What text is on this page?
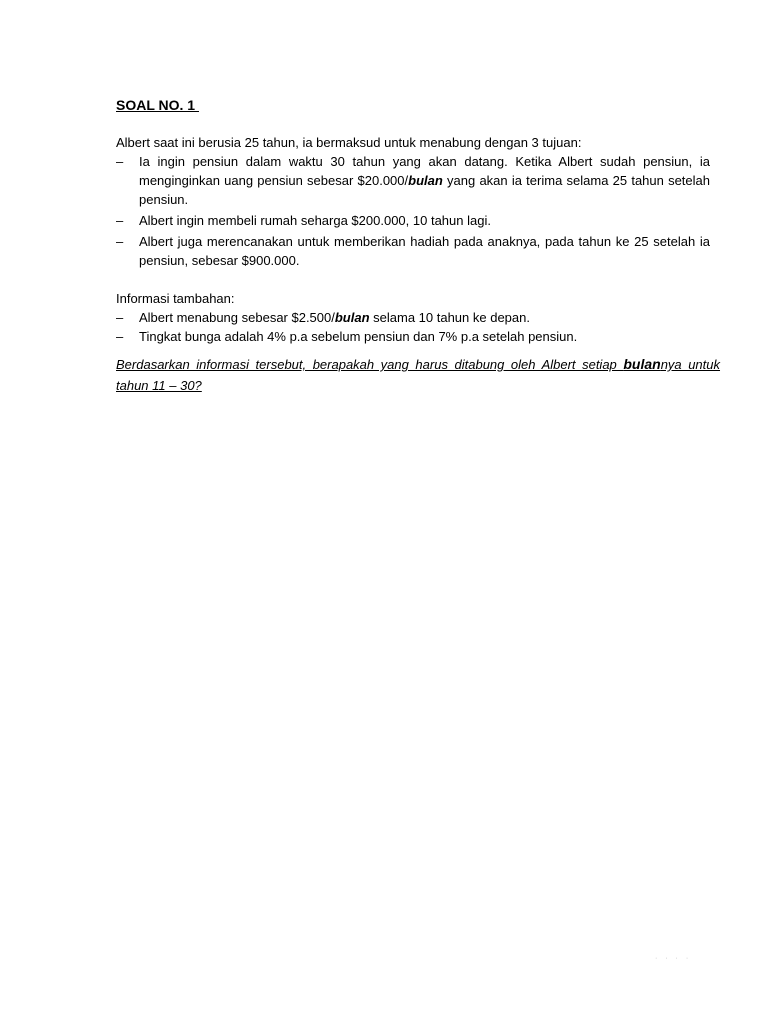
SOAL NO. 1

Albert saat ini berusia 25 tahun, ia bermaksud untuk menabung dengan 3 tujuan:

– Ia ingin pensiun dalam waktu 30 tahun yang akan datang. Ketika Albert sudah pensiun, ia menginginkan uang pensiun sebesar $20.000/bulan yang akan ia terima selama 25 tahun setelah pensiun.
– Albert ingin membeli rumah seharga $200.000, 10 tahun lagi.
– Albert juga merencanakan untuk memberikan hadiah pada anaknya, pada tahun ke 25 setelah ia pensiun, sebesar $900.000.

Informasi tambahan:

– Albert menabung sebesar $2.500/bulan selama 10 tahun ke depan.
– Tingkat bunga adalah 4% p.a sebelum pensiun dan 7% p.a setelah pensiun.

Berdasarkan informasi tersebut, berapakah yang harus ditabung oleh Albert setiap bulannya untuk tahun 11 – 30?

· · · ·
